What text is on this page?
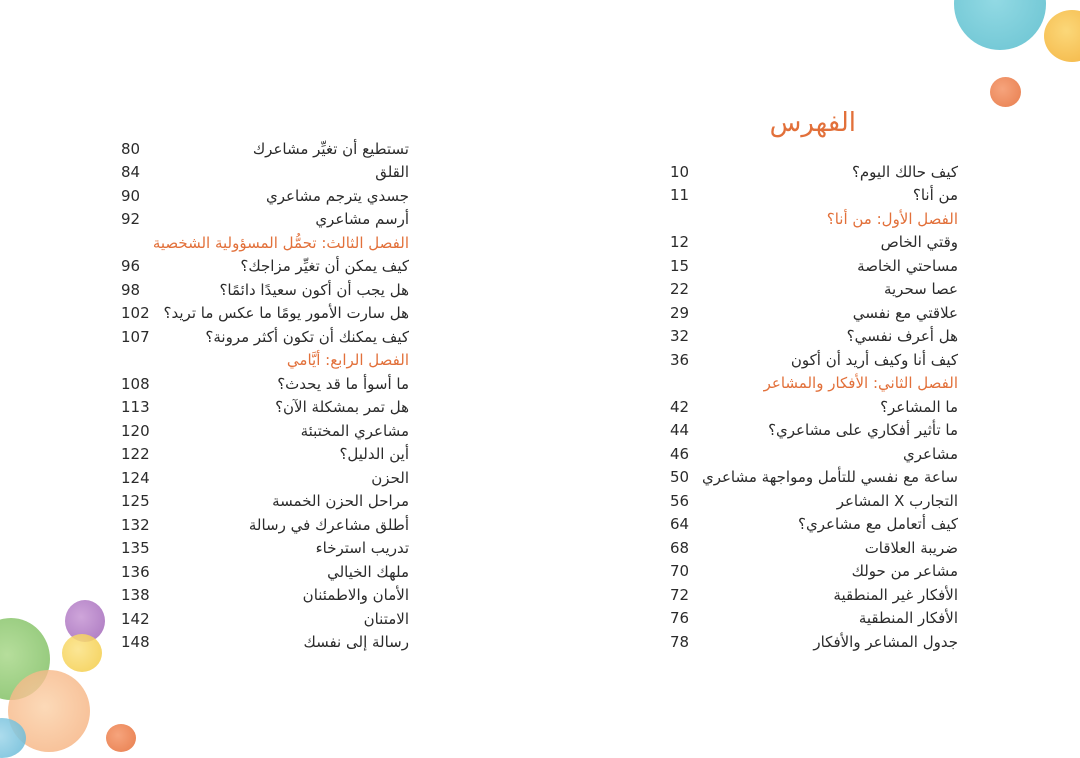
الفهرس
10	كيف حالك اليوم؟
11	من أنا؟
الفصل الأول: من أنا؟
12	وقتي الخاص
15	مساحتي الخاصة
22	عصا سحرية
29	علاقتي مع نفسي
32	هل أعرف نفسي؟
36	كيف أنا وكيف أريد أن أكون
الفصل الثاني: الأفكار والمشاعر
42	ما المشاعر؟
44	ما تأثير أفكاري على مشاعري؟
46	مشاعري
50 ساعة مع نفسي للتأمل ومواجهة مشاعري
56	التجارب X المشاعر
64	كيف أتعامل مع مشاعري؟
68	ضريبة العلاقات
70	مشاعر من حولك
72	الأفكار غير المنطقية
76	الأفكار المنطقية
78	جدول المشاعر والأفكار
80	تستطيع أن تغيِّر مشاعرك
84	القلق
90	جسدي يترجم مشاعري
92	أرسم مشاعري
الفصل الثالث: تحمُّل المسؤولية الشخصية
96	كيف يمكن أن تغيِّر مزاجك؟
98	هل يجب أن أكون سعيدًا دائمًا؟
102 هل سارت الأمور يومًا ما عكس ما تريد؟
107	كيف يمكنك أن تكون أكثر مرونة؟
الفصل الرابع: أيَّامي
108	ما أسوأ ما قد يحدث؟
113	هل تمر بمشكلة الآن؟
120	مشاعري المختبئة
122	أين الدليل؟
124	الحزن
125	مراحل الحزن الخمسة
132	أطلق مشاعرك في رسالة
135	تدريب استرخاء
136	ملهك الخيالي
138	الأمان والاطمئنان
142	الامتنان
148	رسالة إلى نفسك
